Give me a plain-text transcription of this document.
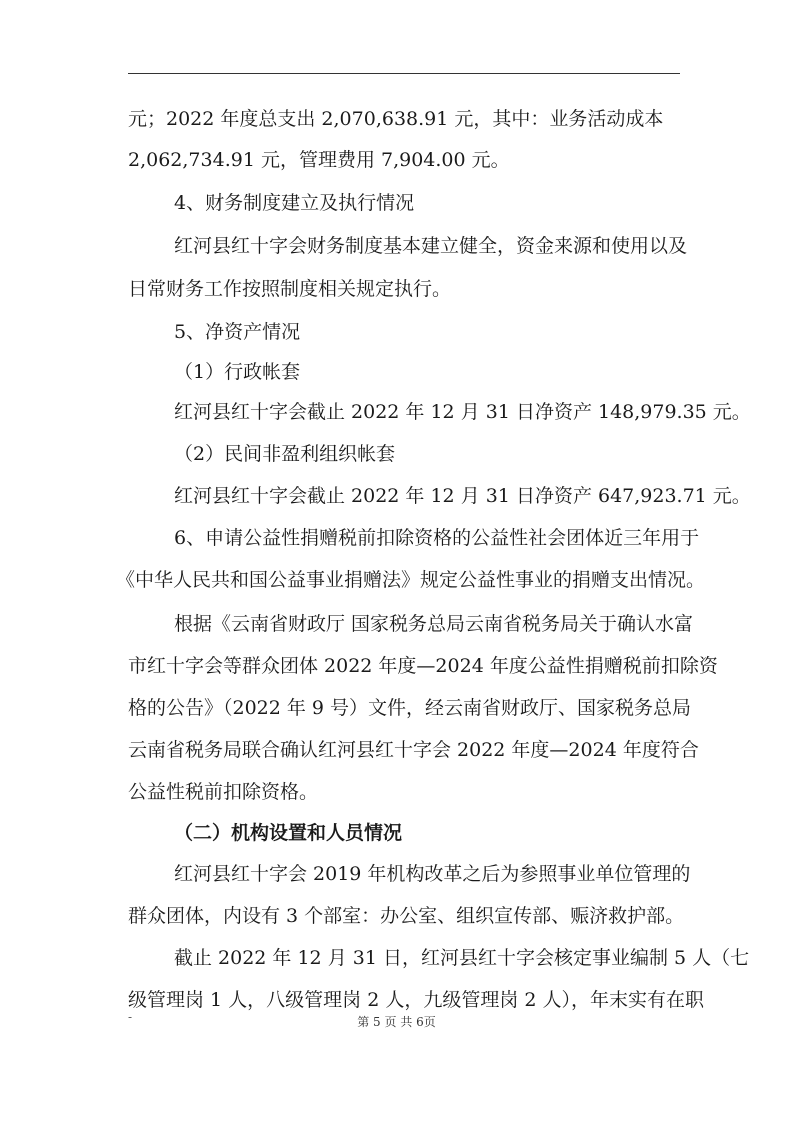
元；2022 年度总支出 2,070,638.91 元，其中：业务活动成本
2,062,734.91 元，管理费用 7,904.00 元。
4、财务制度建立及执行情况
红河县红十字会财务制度基本建立健全，资金来源和使用以及
日常财务工作按照制度相关规定执行。
5、净资产情况
（1）行政帐套
红河县红十字会截止 2022 年 12 月 31 日净资产 148,979.35 元。
（2）民间非盈利组织帐套
红河县红十字会截止 2022 年 12 月 31 日净资产 647,923.71 元。
6、申请公益性捐赠税前扣除资格的公益性社会团体近三年用于
《中华人民共和国公益事业捐赠法》规定公益性事业的捐赠支出情况。
根据《云南省财政厅 国家税务总局云南省税务局关于确认水富
市红十字会等群众团体 2022 年度—2024 年度公益性捐赠税前扣除资
格的公告》（2022 年 9 号）文件，经云南省财政厅、国家税务总局
云南省税务局联合确认红河县红十字会 2022 年度—2024 年度符合
公益性税前扣除资格。
（二）机构设置和人员情况
红河县红十字会 2019 年机构改革之后为参照事业单位管理的
群众团体，内设有 3 个部室：办公室、组织宣传部、赈济救护部。
截止 2022 年 12 月 31 日，红河县红十字会核定事业编制 5 人（七
级管理岗 1 人，八级管理岗 2 人，九级管理岗 2 人），年末实有在职
-	第 5 页 共 6页
